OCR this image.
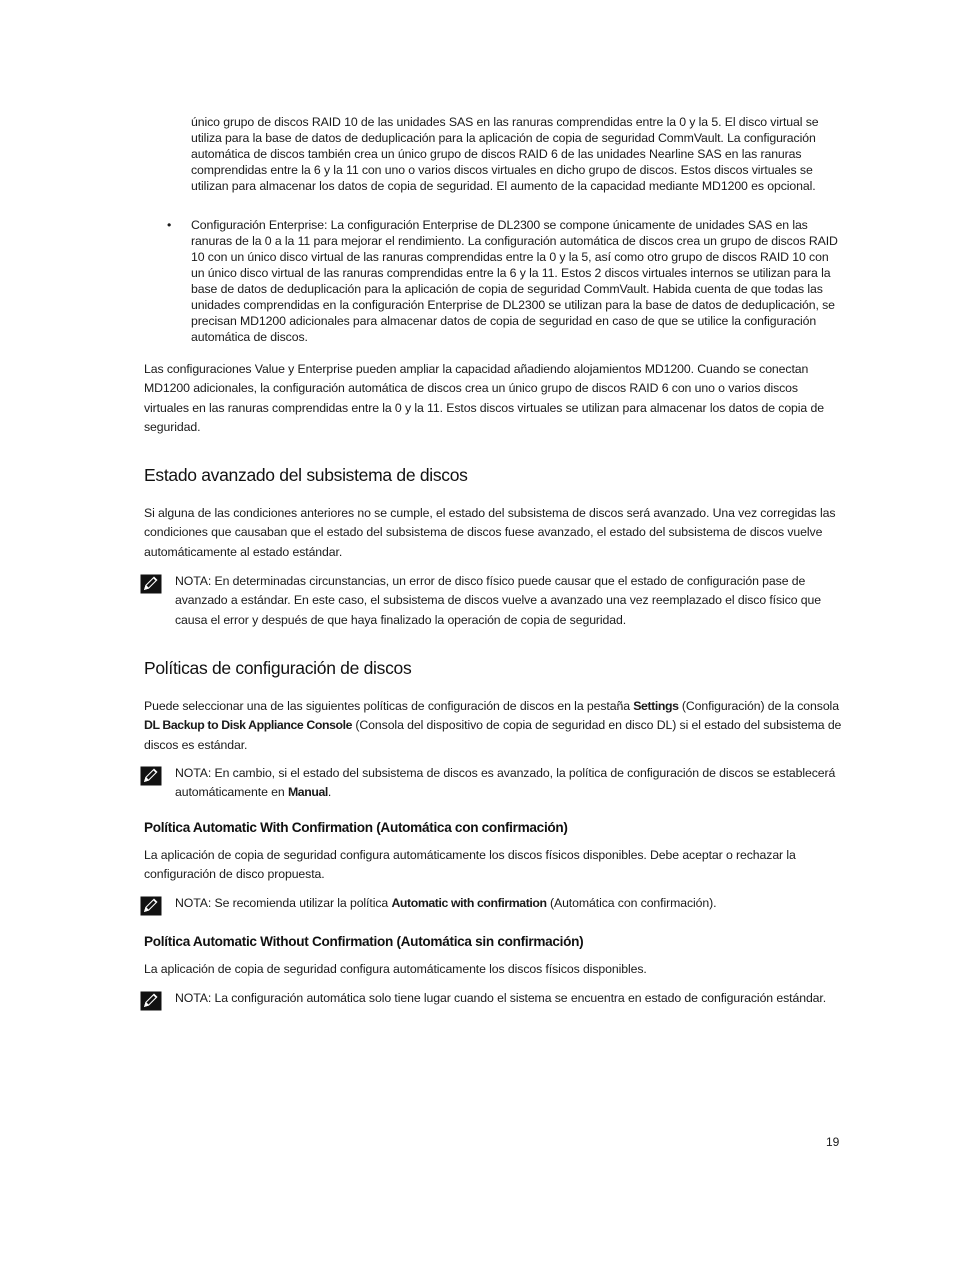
único grupo de discos RAID 10 de las unidades SAS en las ranuras comprendidas entre la 0 y la 5. El disco virtual se utiliza para la base de datos de deduplicación para la aplicación de copia de seguridad CommVault. La configuración automática de discos también crea un único grupo de discos RAID 6 de las unidades Nearline SAS en las ranuras comprendidas entre la 6 y la 11 con uno o varios discos virtuales en dicho grupo de discos. Estos discos virtuales se utilizan para almacenar los datos de copia de seguridad. El aumento de la capacidad mediante MD1200 es opcional.
• Configuración Enterprise: La configuración Enterprise de DL2300 se compone únicamente de unidades SAS en las ranuras de la 0 a la 11 para mejorar el rendimiento. La configuración automática de discos crea un grupo de discos RAID 10 con un único disco virtual de las ranuras comprendidas entre la 0 y la 5, así como otro grupo de discos RAID 10 con un único disco virtual de las ranuras comprendidas entre la 6 y la 11. Estos 2 discos virtuales internos se utilizan para la base de datos de deduplicación para la aplicación de copia de seguridad CommVault. Habida cuenta de que todas las unidades comprendidas en la configuración Enterprise de DL2300 se utilizan para la base de datos de deduplicación, se precisan MD1200 adicionales para almacenar datos de copia de seguridad en caso de que se utilice la configuración automática de discos.
Las configuraciones Value y Enterprise pueden ampliar la capacidad añadiendo alojamientos MD1200. Cuando se conectan MD1200 adicionales, la configuración automática de discos crea un único grupo de discos RAID 6 con uno o varios discos virtuales en las ranuras comprendidas entre la 0 y la 11. Estos discos virtuales se utilizan para almacenar los datos de copia de seguridad.
Estado avanzado del subsistema de discos
Si alguna de las condiciones anteriores no se cumple, el estado del subsistema de discos será avanzado. Una vez corregidas las condiciones que causaban que el estado del subsistema de discos fuese avanzado, el estado del subsistema de discos vuelve automáticamente al estado estándar.
NOTA: En determinadas circunstancias, un error de disco físico puede causar que el estado de configuración pase de avanzado a estándar. En este caso, el subsistema de discos vuelve a avanzado una vez reemplazado el disco físico que causa el error y después de que haya finalizado la operación de copia de seguridad.
Políticas de configuración de discos
Puede seleccionar una de las siguientes políticas de configuración de discos en la pestaña Settings (Configuración) de la consola DL Backup to Disk Appliance Console (Consola del dispositivo de copia de seguridad en disco DL) si el estado del subsistema de discos es estándar.
NOTA: En cambio, si el estado del subsistema de discos es avanzado, la política de configuración de discos se establecerá automáticamente en Manual.
Política Automatic With Confirmation (Automática con confirmación)
La aplicación de copia de seguridad configura automáticamente los discos físicos disponibles. Debe aceptar o rechazar la configuración de disco propuesta.
NOTA: Se recomienda utilizar la política Automatic with confirmation (Automática con confirmación).
Política Automatic Without Confirmation (Automática sin confirmación)
La aplicación de copia de seguridad configura automáticamente los discos físicos disponibles.
NOTA: La configuración automática solo tiene lugar cuando el sistema se encuentra en estado de configuración estándar.
19
